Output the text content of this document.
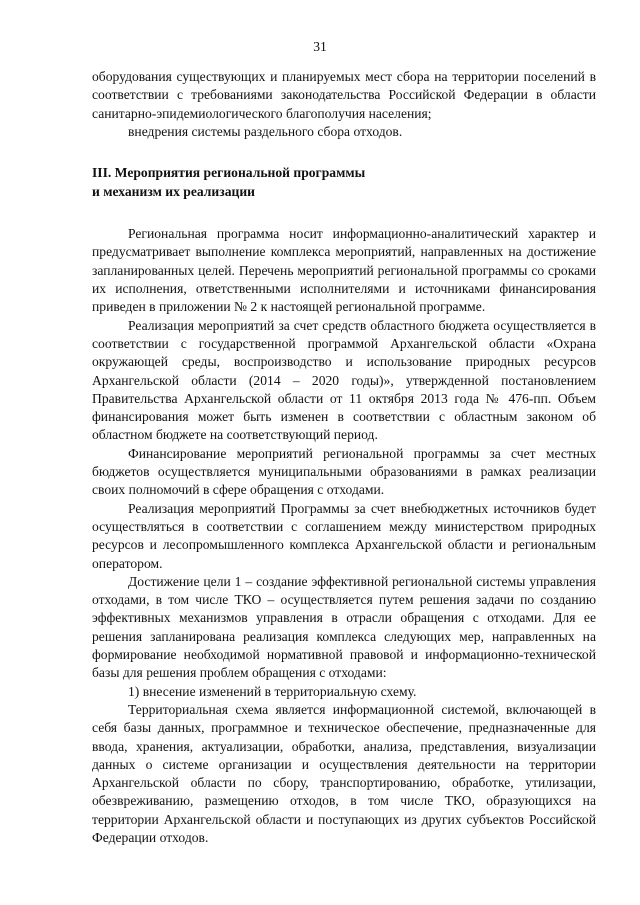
31

оборудования существующих и планируемых мест сбора на территории поселений в соответствии с требованиями законодательства Российской Федерации в области санитарно-эпидемиологического благополучия населения;

внедрения системы раздельного сбора отходов.

III. Мероприятия региональной программы
и механизм их реализации

Региональная программа носит информационно-аналитический характер и предусматривает выполнение комплекса мероприятий, направленных на достижение запланированных целей. Перечень мероприятий региональной программы со сроками их исполнения, ответственными исполнителями и источниками финансирования приведен в приложении № 2 к настоящей региональной программе.

Реализация мероприятий за счет средств областного бюджета осуществляется в соответствии с государственной программой Архангельской области «Охрана окружающей среды, воспроизводство и использование природных ресурсов Архангельской области (2014 – 2020 годы)», утвержденной постановлением Правительства Архангельской области от 11 октября 2013 года № 476-пп. Объем финансирования может быть изменен в соответствии с областным законом об областном бюджете на соответствующий период.

Финансирование мероприятий региональной программы за счет местных бюджетов осуществляется муниципальными образованиями в рамках реализации своих полномочий в сфере обращения с отходами.

Реализация мероприятий Программы за счет внебюджетных источников будет осуществляться в соответствии с соглашением между министерством природных ресурсов и лесопромышленного комплекса Архангельской области и региональным оператором.

Достижение цели 1 – создание эффективной региональной системы управления отходами, в том числе ТКО – осуществляется путем решения задачи по созданию эффективных механизмов управления в отрасли обращения с отходами. Для ее решения запланирована реализация комплекса следующих мер, направленных на формирование необходимой нормативной правовой и информационно-технической базы для решения проблем обращения с отходами:

1) внесение изменений в территориальную схему.

Территориальная схема является информационной системой, включающей в себя базы данных, программное и техническое обеспечение, предназначенные для ввода, хранения, актуализации, обработки, анализа, представления, визуализации данных о системе организации и осуществления деятельности на территории Архангельской области по сбору, транспортированию, обработке, утилизации, обезвреживанию, размещению отходов, в том числе ТКО, образующихся на территории Архангельской области и поступающих из других субъектов Российской Федерации отходов.
